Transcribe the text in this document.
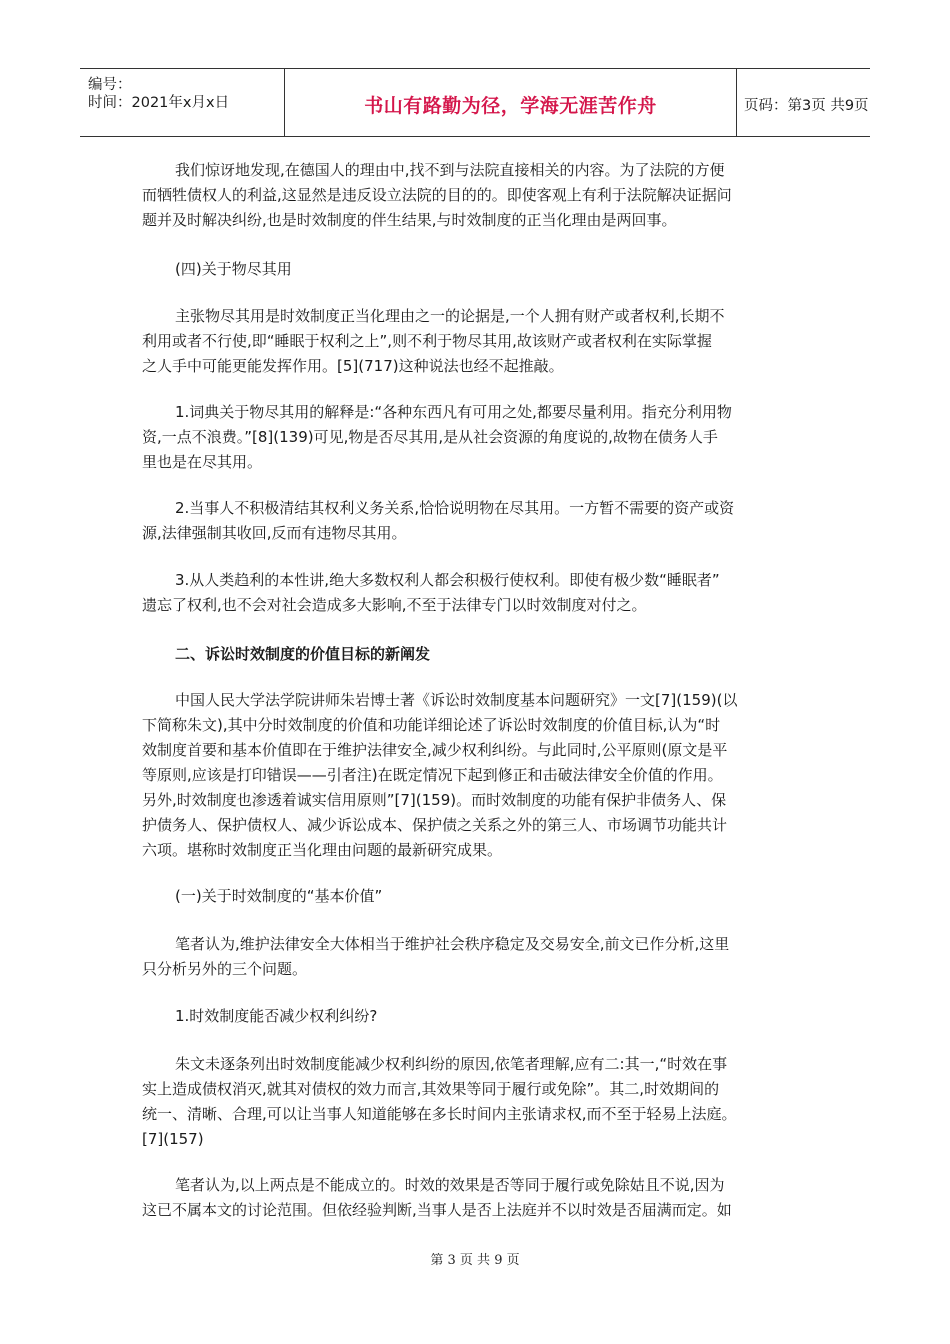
编号：
时间：2021年x月x日	书山有路勤为径，学海无涯苦作舟	页码：第3页 共9页
我们惊讶地发现,在德国人的理由中,找不到与法院直接相关的内容。为了法院的方便
而牺牲债权人的利益,这显然是违反设立法院的目的的。即使客观上有利于法院解决证据问
题并及时解决纠纷,也是时效制度的伴生结果,与时效制度的正当化理由是两回事。
(四)关于物尽其用
主张物尽其用是时效制度正当化理由之一的论据是,一个人拥有财产或者权利,长期不
利用或者不行使,即“睡眠于权利之上”,则不利于物尽其用,故该财产或者权利在实际掌握
之人手中可能更能发挥作用。[5](717)这种说法也经不起推敲。
1.词典关于物尽其用的解释是:“各种东西凡有可用之处,都要尽量利用。指充分利用物
资,一点不浪费。”[8](139)可见,物是否尽其用,是从社会资源的角度说的,故物在债务人手
里也是在尽其用。
2.当事人不积极清结其权利义务关系,恰恰说明物在尽其用。一方暂不需要的资产或资
源,法律强制其收回,反而有违物尽其用。
3.从人类趋利的本性讲,绝大多数权利人都会积极行使权利。即使有极少数“睡眠者”
遗忘了权利,也不会对社会造成多大影响,不至于法律专门以时效制度对付之。
二、诉讼时效制度的价值目标的新阐发
中国人民大学法学院讲师朱岩博士著《诉讼时效制度基本问题研究》一文[7](159)(以
下简称朱文),其中分时效制度的价值和功能详细论述了诉讼时效制度的价值目标,认为“时
效制度首要和基本价值即在于维护法律安全,减少权利纠纷。与此同时,公平原则(原文是平
等原则,应该是打印错误——引者注)在既定情况下起到修正和击破法律安全价值的作用。
另外,时效制度也渗透着诚实信用原则”[7](159)。而时效制度的功能有保护非债务人、保
护债务人、保护债权人、减少诉讼成本、保护债之关系之外的第三人、市场调节功能共计
六项。堪称时效制度正当化理由问题的最新研究成果。
(一)关于时效制度的“基本价值”
笔者认为,维护法律安全大体相当于维护社会秩序稳定及交易安全,前文已作分析,这里
只分析另外的三个问题。
1.时效制度能否减少权利纠纷?
朱文未逐条列出时效制度能减少权利纠纷的原因,依笔者理解,应有二:其一,“时效在事
实上造成债权消灭,就其对债权的效力而言,其效果等同于履行或免除”。其二,时效期间的
统一、清晰、合理,可以让当事人知道能够在多长时间内主张请求权,而不至于轻易上法庭。
[7](157)
笔者认为,以上两点是不能成立的。时效的效果是否等同于履行或免除姑且不说,因为
这已不属本文的讨论范围。但依经验判断,当事人是否上法庭并不以时效是否届满而定。如
第 3 页 共 9 页
